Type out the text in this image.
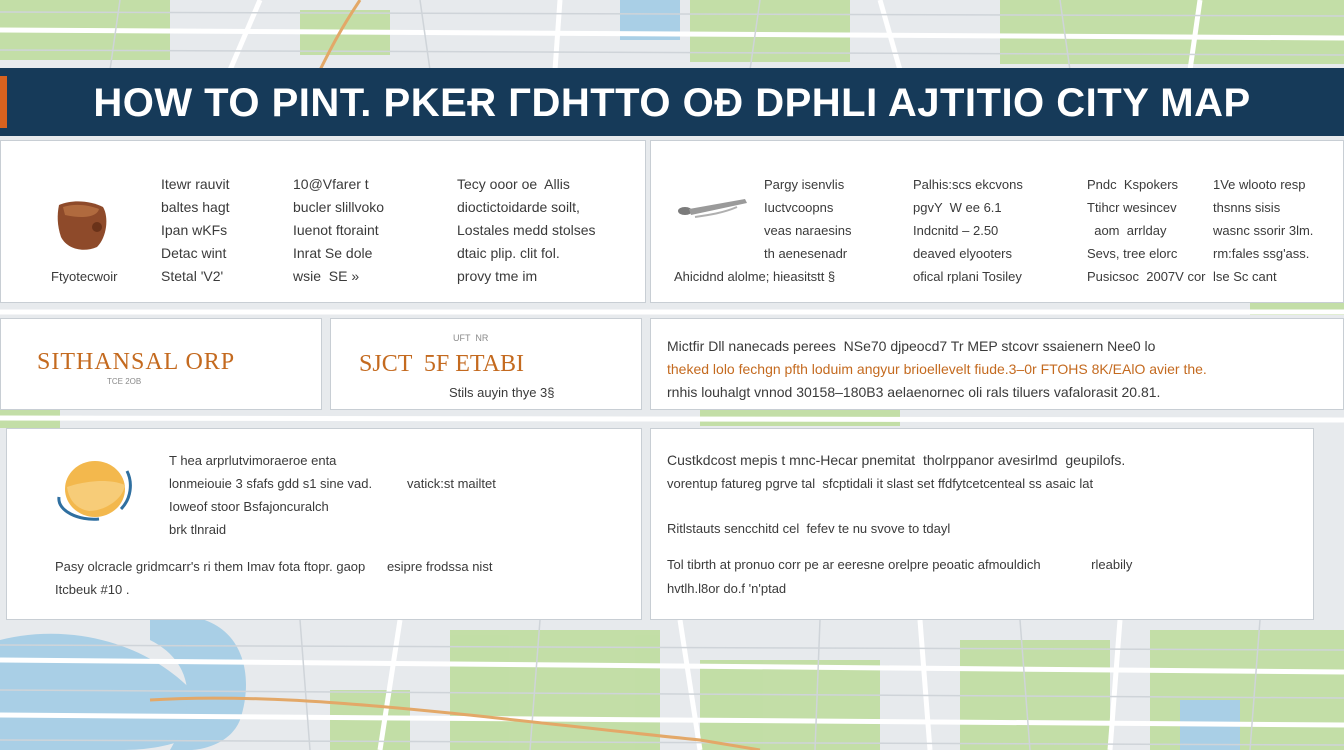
HOW TO PINT. PKEɌ ГDHTTO OĐ DPHLI AJTITIO CITY MAP
Ftyotecwoir
Itewr rauvit
baltes hagt
Ipan wKFs
Detac wint
Stetal 'V2'
10@Vfarer t
bucler slillvoko
Iuenot ftoraint
Inrat Se dole
wsie  SE »
Tecy ooor oe  Allis
dioctictoidarde soilt,
Lostales medd stolses
dtaic plip. clit fol.
provy tme im
Pargy isenvlis
Iuctvcoopns
veas naraesins
th aenesenadr
Ahicidnd alolme; hieasitstt §
Palhis:scs ekcvons
pgvY  W ee 6.1
Indcnitd – 2.50
deaved elyooters
ofical rplani Tosiley
Pndc  Kspokers
Ttihcr wesincev
aom  arrlday
Sevs, tree elorc
Pusicsoc  2007V cor
1Ve wlooto resp
thsnns sisis
wasnc ssorir 3lm.
rm:fales ssg'ass.
lse Sc cant
SITHANSAL ORP
TCE 2OB
UFT  NR
SJCT  5F ETABI
Stils auyin thye 3§
Mictfir Dll nanecads perees  NSe70 djpeocd7 Tr MEP stcovr ssaienern Nee0 lo
theked lolo fechgn pfth loduim angyur brioellevelt fiude.3–0r FTOHS 8K/EAlO avier the.
rnhis louhalgt vnnod 30158–180B3 aelaenornec oli rals tiluers vafalorasit 20.81.
T hea arprlutvimoraeroe enta
lonmeiouie 3 sfafs gdd s1 sine vad.	vatick:st mailtet
Ioweof stoor Bsfajoncuralch
brk tlnraid
Pasy olcracle gridmcarr's ri them Imav fota ftopr. gaop      esipre frodssa nist
Itcbeuk #10 .
Custkdcost mepis t mnc-Hecar pnemitat  tholrppanor avesirlmd  geupilofs.
vorentup fatureg pgrve tal  sfcptidali it slast set ffdfytcetcenteal ss asaic lat
Ritlstauts sencchitd cel  fefev te nu svove to tdayl
Tol tibrth at pronuo corr pe ar eeresne orelpre peoatic afmouldich              rleabily
hvtlh.l8or do.f 'n'ptad
